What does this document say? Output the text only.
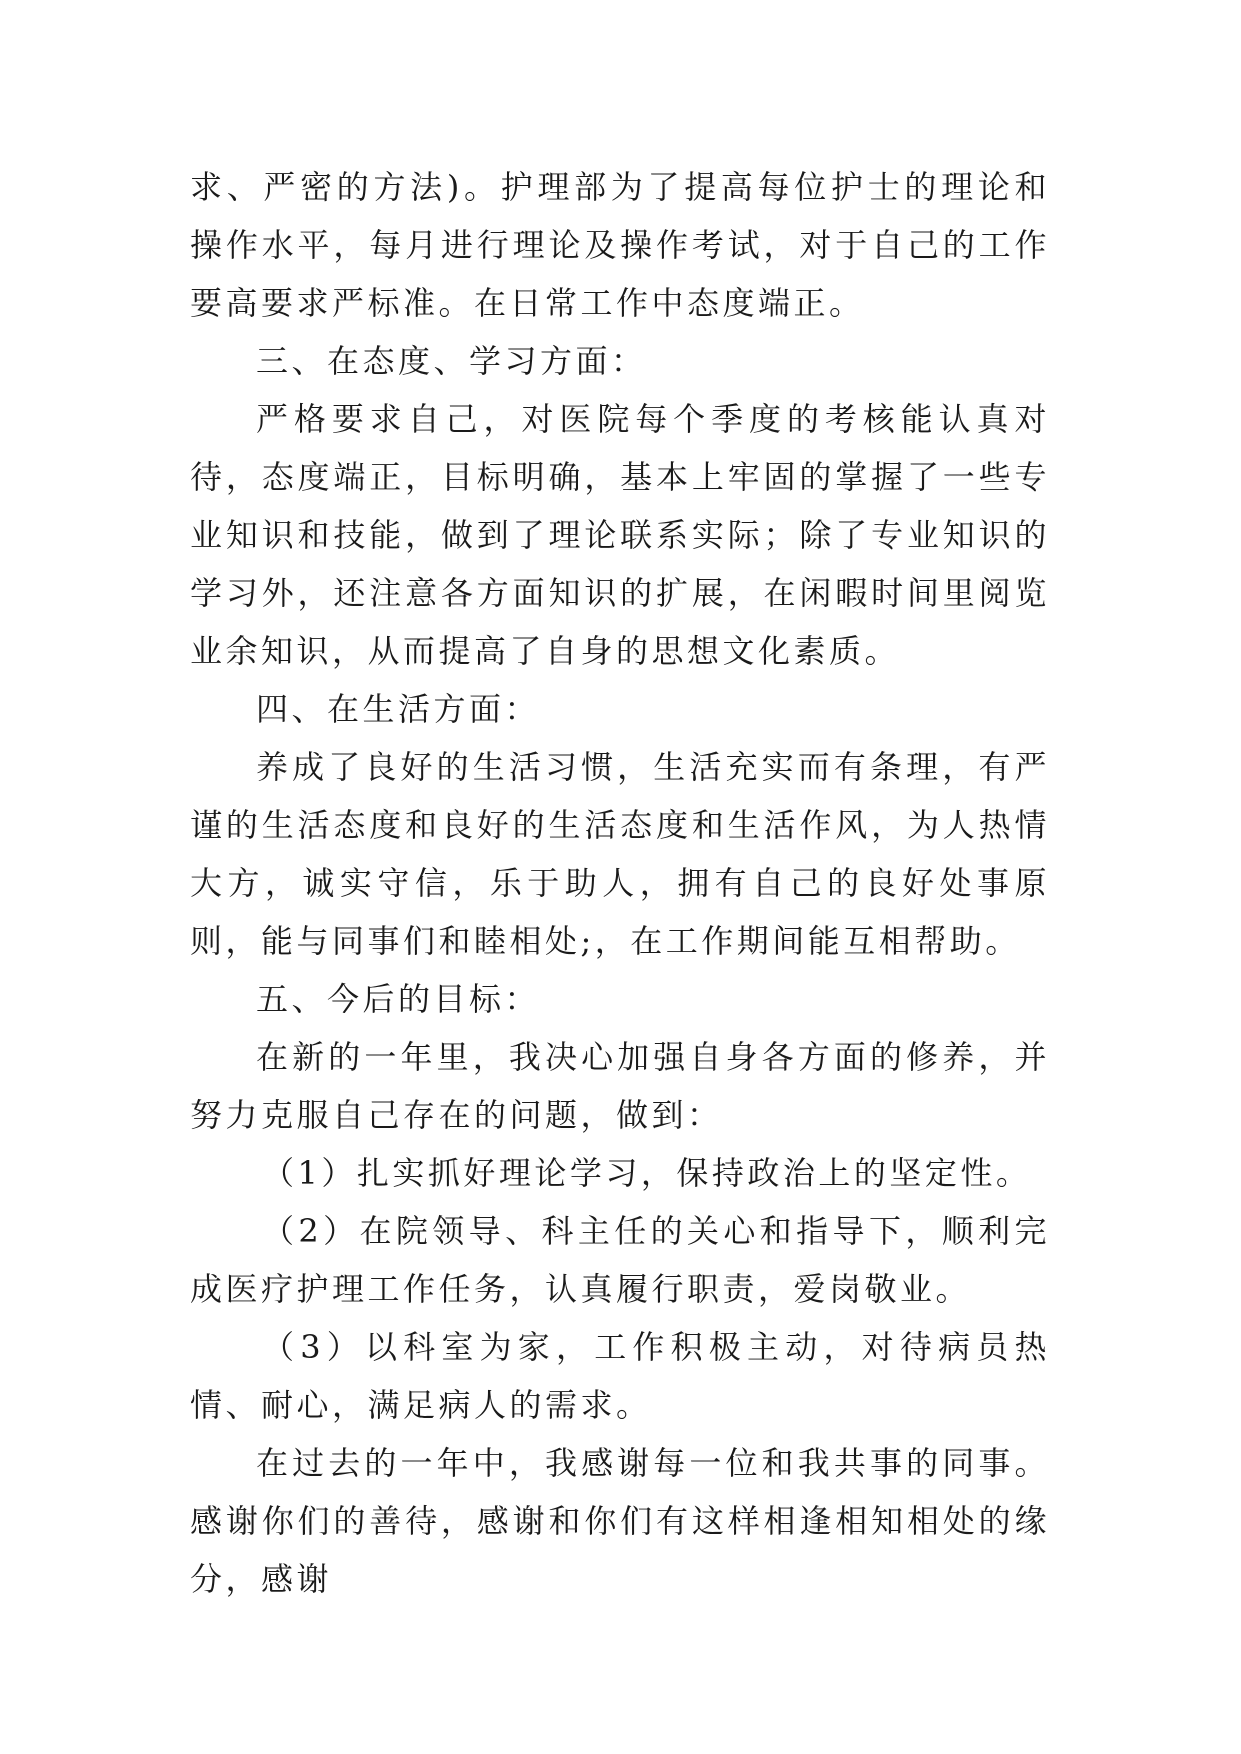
求、严密的方法)。护理部为了提高每位护士的理论和操作水平，每月进行理论及操作考试，对于自己的工作要高要求严标准。在日常工作中态度端正。

三、在态度、学习方面：

严格要求自己，对医院每个季度的考核能认真对待，态度端正，目标明确，基本上牢固的掌握了一些专业知识和技能，做到了理论联系实际；除了专业知识的学习外，还注意各方面知识的扩展，在闲暇时间里阅览业余知识，从而提高了自身的思想文化素质。

四、在生活方面：

养成了良好的生活习惯，生活充实而有条理，有严谨的生活态度和良好的生活态度和生活作风，为人热情大方，诚实守信，乐于助人，拥有自己的良好处事原则，能与同事们和睦相处;，在工作期间能互相帮助。

五、今后的目标：

在新的一年里，我决心加强自身各方面的修养，并努力克服自己存在的问题，做到：

（1）扎实抓好理论学习，保持政治上的坚定性。

（2）在院领导、科主任的关心和指导下，顺利完成医疗护理工作任务，认真履行职责，爱岗敬业。

（3）以科室为家，工作积极主动，对待病员热情、耐心，满足病人的需求。

在过去的一年中，我感谢每一位和我共事的同事。感谢你们的善待，感谢和你们有这样相逢相知相处的缘分，感谢
